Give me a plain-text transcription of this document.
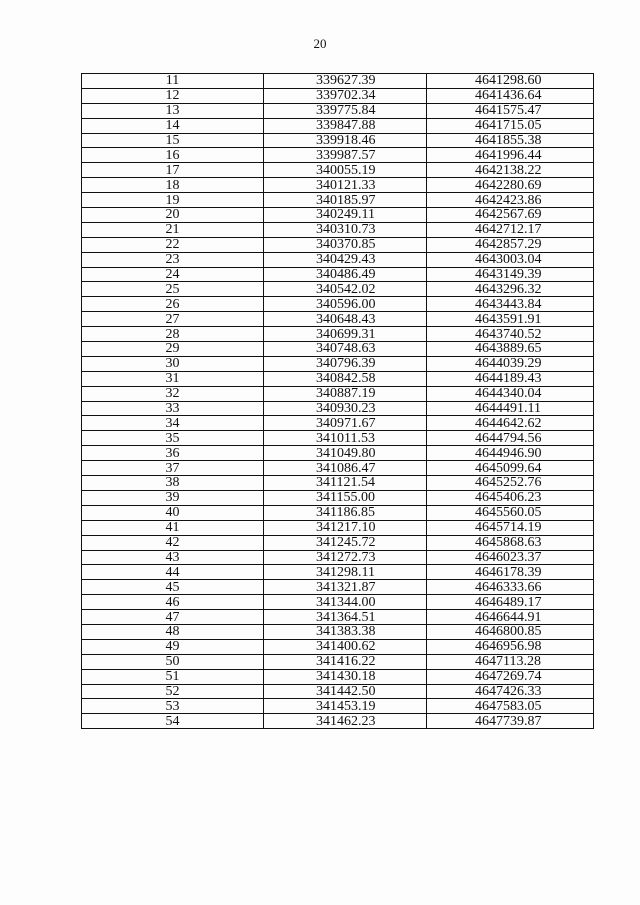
20
11	339627.39	4641298.60
12	339702.34	4641436.64
13	339775.84	4641575.47
14	339847.88	4641715.05
15	339918.46	4641855.38
16	339987.57	4641996.44
17	340055.19	4642138.22
18	340121.33	4642280.69
19	340185.97	4642423.86
20	340249.11	4642567.69
21	340310.73	4642712.17
22	340370.85	4642857.29
23	340429.43	4643003.04
24	340486.49	4643149.39
25	340542.02	4643296.32
26	340596.00	4643443.84
27	340648.43	4643591.91
28	340699.31	4643740.52
29	340748.63	4643889.65
30	340796.39	4644039.29
31	340842.58	4644189.43
32	340887.19	4644340.04
33	340930.23	4644491.11
34	340971.67	4644642.62
35	341011.53	4644794.56
36	341049.80	4644946.90
37	341086.47	4645099.64
38	341121.54	4645252.76
39	341155.00	4645406.23
40	341186.85	4645560.05
41	341217.10	4645714.19
42	341245.72	4645868.63
43	341272.73	4646023.37
44	341298.11	4646178.39
45	341321.87	4646333.66
46	341344.00	4646489.17
47	341364.51	4646644.91
48	341383.38	4646800.85
49	341400.62	4646956.98
50	341416.22	4647113.28
51	341430.18	4647269.74
52	341442.50	4647426.33
53	341453.19	4647583.05
54	341462.23	4647739.87
